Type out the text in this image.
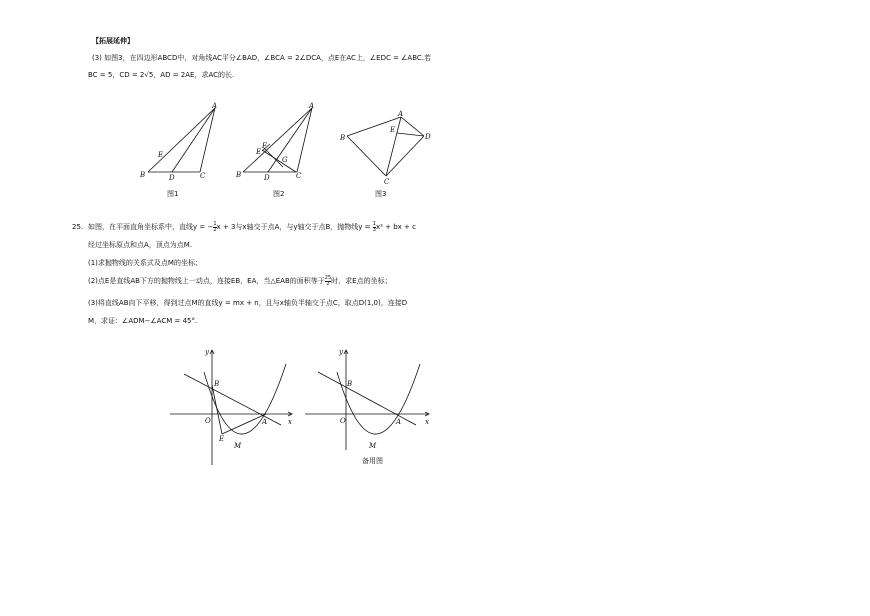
【拓展延伸】
(3) 如图3，在四边形ABCD中，对角线AC平分∠BAD，∠BCA = 2∠DCA，点E在AC上，∠EDC = ∠ABC.若
BC = 5，CD = 2√5，AD = 2AE，求AC的长.
A
B	D	C
E
A
B	D	C
E
F
G
A
B	D
C
E
图1	图2	图3
25. 如图，在平面直角坐标系中，直线y = − $\frac{1}{2}$ x + 3与x轴交于点A，与y轴交于点B，抛物线$y = \frac{1}{3} x^2$ + bx + c
经过坐标原点和点A，顶点为点M.
(1)求抛物线的关系式及点M的坐标；
(2)点E是直线AB下方的抛物线上一动点，连接EB，EA，当△EAB的面积等于 $\frac{25}{2}$ 时，求E点的坐标；
(3)将直线AB向下平移，得到过点M的直线y = mx + n，且与x轴负半轴交于点C，取点D(1,0)，连接D
M，求证：∠ADM−∠ACM = 45°.
y
x
B
O	A
E
M
y
x
B
O	A
M
备用图
